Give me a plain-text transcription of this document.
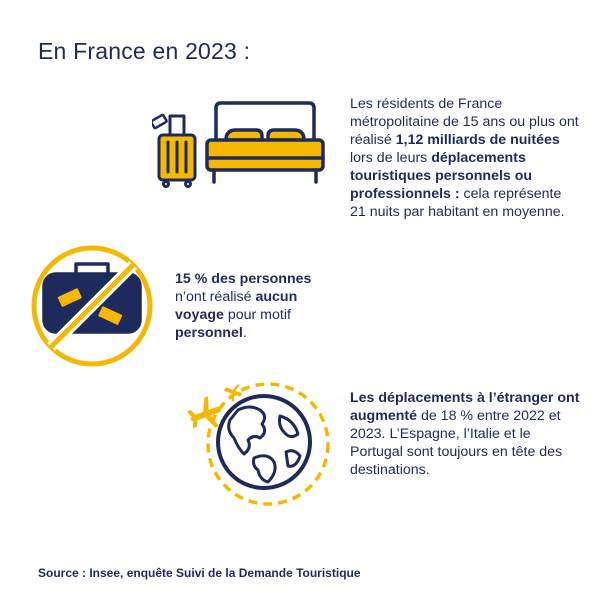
En France en 2023 :
Les résidents de France métropolitaine de 15 ans ou plus ont réalisé 1,12 milliards de nuitées lors de leurs déplacements touristiques personnels ou professionnels : cela représente 21 nuits par habitant en moyenne.
15 % des personnes n’ont réalisé aucun voyage pour motif personnel.
Les déplacements à l’étranger ont augmenté de 18 % entre 2022 et 2023. L’Espagne, l’Italie et le Portugal sont toujours en tête des destinations.
Source : Insee, enquête Suivi de la Demande Touristique
